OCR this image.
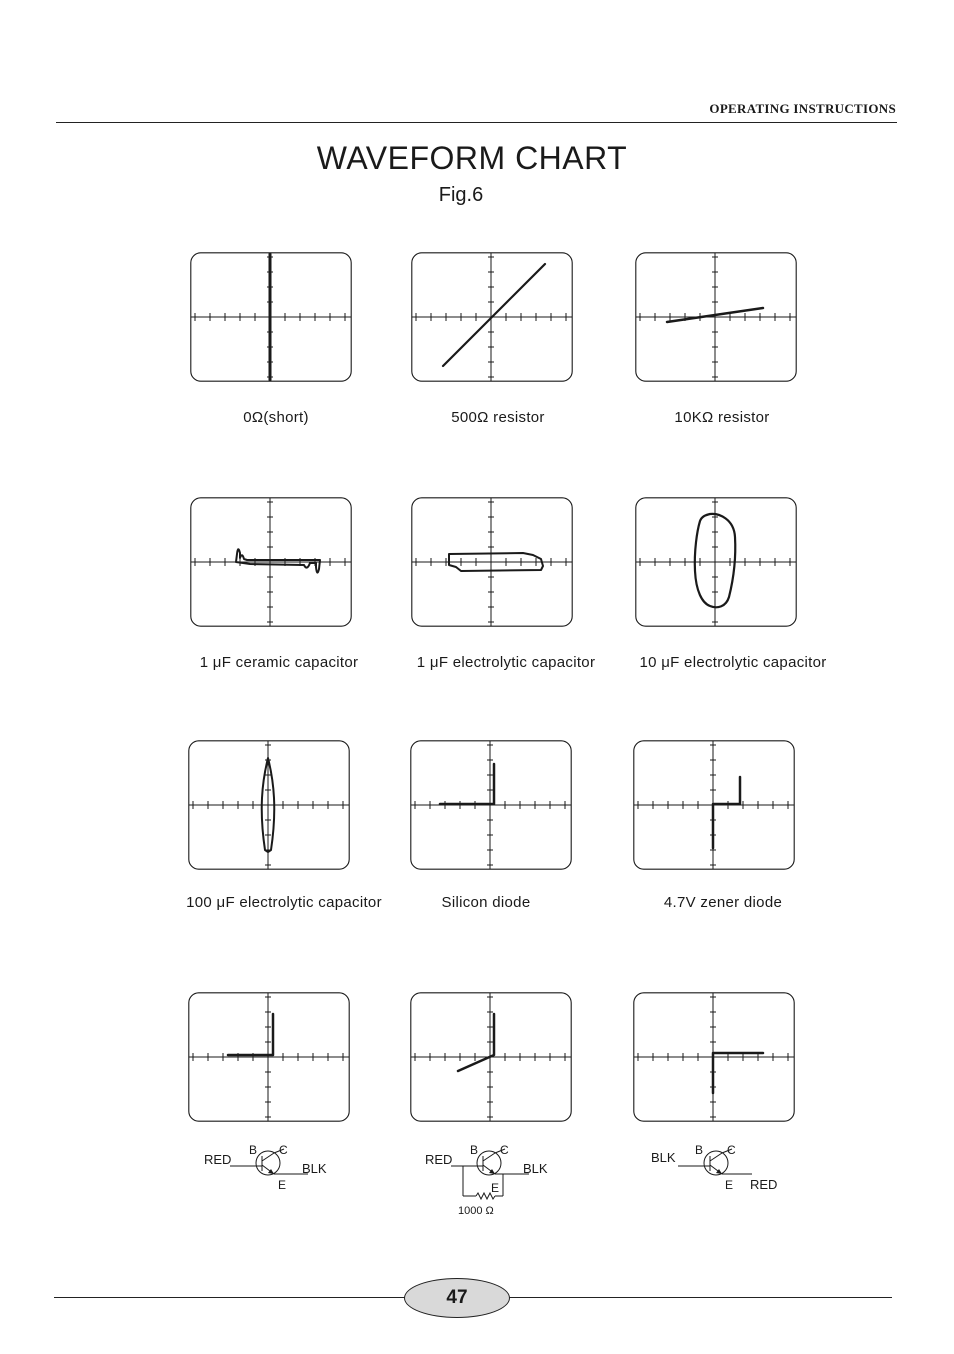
OPERATING INSTRUCTIONS
WAVEFORM CHART
Fig.6
0Ω(short)	500Ω resistor	10KΩ resistor
1 μF ceramic capacitor	1 μF electrolytic capacitor	10 μF electrolytic capacitor
100 μF electrolytic capacitor	Silicon diode	4.7V zener diode
RED
B C
BLK
E
RED
B C
BLK
E
1000 Ω
BLK B C
E RED
47
